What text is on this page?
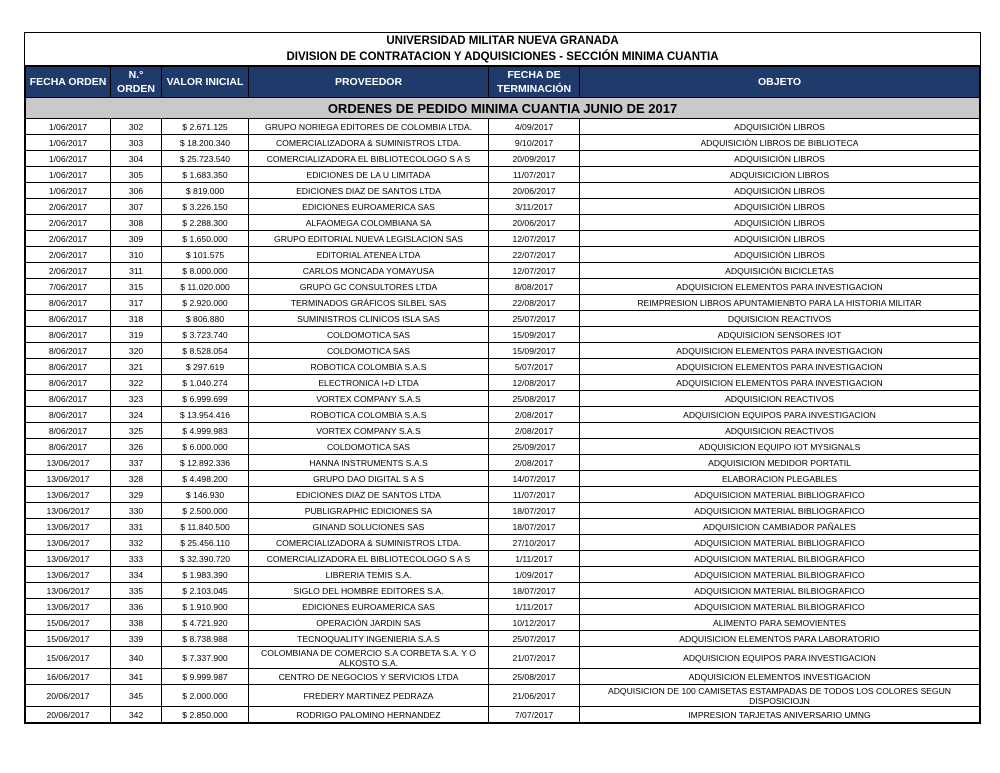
UNIVERSIDAD MILITAR NUEVA GRANADA
DIVISION DE CONTRATACION Y ADQUISICIONES - SECCIÓN MINIMA CUANTIA
FECHA ORDEN	N.° ORDEN	VALOR INICIAL	PROVEEDOR	FECHA DE TERMINACIÓN	OBJETO
ORDENES DE PEDIDO MINIMA CUANTIA JUNIO DE 2017					
1/06/2017	302	$ 2.671.125	GRUPO NORIEGA EDITORES DE COLOMBIA LTDA.	4/09/2017	ADQUISICIÓN LIBROS
1/06/2017	303	$ 18.200.340	COMERCIALIZADORA & SUMINISTROS LTDA.	9/10/2017	ADQUISICIÓN LIBROS DE BIBLIOTECA
1/06/2017	304	$ 25.723.540	COMERCIALIZADORA EL BIBLIOTECOLOGO S A S	20/09/2017	ADQUISICIÓN LIBROS
1/06/2017	305	$ 1.683.350	EDICIONES DE LA U LIMITADA	11/07/2017	ADQUISICICION LIBROS
1/06/2017	306	$ 819.000	EDICIONES DIAZ DE SANTOS LTDA	20/06/2017	ADQUISICIÓN LIBROS
2/06/2017	307	$ 3.226.150	EDICIONES EUROAMERICA SAS	3/11/2017	ADQUISICIÓN LIBROS
2/06/2017	308	$ 2.288.300	ALFAOMEGA COLOMBIANA SA	20/06/2017	ADQUISICIÓN LIBROS
2/06/2017	309	$ 1.650.000	GRUPO EDITORIAL NUEVA LEGISLACION SAS	12/07/2017	ADQUISICIÓN LIBROS
2/06/2017	310	$ 101.575	EDITORIAL ATENEA LTDA	22/07/2017	ADQUISICIÓN LIBROS
2/06/2017	311	$ 8.000.000	CARLOS MONCADA YOMAYUSA	12/07/2017	ADQUISICIÓN BICICLETAS
7/06/2017	315	$ 11.020.000	GRUPO GC CONSULTORES LTDA	8/08/2017	ADQUISICION ELEMENTOS PARA INVESTIGACION
8/06/2017	317	$ 2.920.000	TERMINADOS GRÁFICOS SILBEL SAS	22/08/2017	REIMPRESION LIBROS APUNTAMIENBTO PARA LA HISTORIA MILITAR
8/06/2017	318	$ 806.880	SUMINISTROS CLINICOS ISLA SAS	25/07/2017	DQUISICION REACTIVOS
8/06/2017	319	$ 3.723.740	COLDOMOTICA SAS	15/09/2017	ADQUISICION SENSORES IOT
8/06/2017	320	$ 8.528.054	COLDOMOTICA SAS	15/09/2017	ADQUISICION ELEMENTOS PARA INVESTIGACION
8/06/2017	321	$ 297.619	ROBOTICA COLOMBIA S.A.S	5/07/2017	ADQUISICION ELEMENTOS PARA INVESTIGACION
8/06/2017	322	$ 1.040.274	ELECTRONICA I+D LTDA	12/08/2017	ADQUISICION ELEMENTOS PARA INVESTIGACION
8/06/2017	323	$ 6.999.699	VORTEX COMPANY S.A.S	25/08/2017	ADQUISICION REACTIVOS
8/06/2017	324	$ 13.954.416	ROBOTICA COLOMBIA S.A.S	2/08/2017	ADQUISICION EQUIPOS PARA INVESTIGACION
8/06/2017	325	$ 4.999.983	VORTEX COMPANY S.A.S	2/08/2017	ADQUISICION REACTIVOS
8/06/2017	326	$ 6.000.000	COLDOMOTICA SAS	25/09/2017	ADQUISICION EQUIPO IOT MYSIGNALS
13/06/2017	337	$ 12.892.336	HANNA INSTRUMENTS S.A.S	2/08/2017	ADQUISICION MEDIDOR PORTATIL
13/06/2017	328	$ 4.498.200	GRUPO DAO DIGITAL S A S	14/07/2017	ELABORACION PLEGABLES
13/06/2017	329	$ 146.930	EDICIONES DIAZ DE SANTOS LTDA	11/07/2017	ADQUISICION MATERIAL BIBLIOGRAFICO
13/06/2017	330	$ 2.500.000	PUBLIGRAPHIC EDICIONES SA	18/07/2017	ADQUISICION MATERIAL BIBLIOGRAFICO
13/06/2017	331	$ 11.840.500	GINAND SOLUCIONES SAS	18/07/2017	ADQUISICION CAMBIADOR PAÑALES
13/06/2017	332	$ 25.456.110	COMERCIALIZADORA & SUMINISTROS LTDA.	27/10/2017	ADQUISICION MATERIAL BIBLIOGRAFICO
13/06/2017	333	$ 32.390.720	COMERCIALIZADORA EL BIBLIOTECOLOGO S A S	1/11/2017	ADQUISICION MATERIAL BILBIOGRAFICO
13/06/2017	334	$ 1.983.390	LIBRERIA TEMIS S.A.	1/09/2017	ADQUISICION MATERIAL BILBIOGRAFICO
13/06/2017	335	$ 2.103.045	SIGLO DEL HOMBRE EDITORES S.A.	18/07/2017	ADQUISICION MATERIAL BILBIOGRAFICO
13/06/2017	336	$ 1.910.900	EDICIONES EUROAMERICA SAS	1/11/2017	ADQUISICION MATERIAL BILBIOGRAFICO
15/06/2017	338	$ 4.721.920	OPERACIÓN JARDIN SAS	10/12/2017	ALIMENTO PARA SEMOVIENTES
15/06/2017	339	$ 8.738.988	TECNOQUALITY INGENIERIA S.A.S	25/07/2017	ADQUISICION ELEMENTOS PARA LABORATORIO
15/06/2017	340	$ 7.337.900	COLOMBIANA DE COMERCIO S.A CORBETA S.A. Y O ALKOSTO S.A.	21/07/2017	ADQUISICION EQUIPOS PARA INVESTIGACION
16/06/2017	341	$ 9.999.987	CENTRO DE NEGOCIOS Y SERVICIOS LTDA	25/08/2017	ADQUISICION ELEMENTOS INVESTIGACION
20/06/2017	345	$ 2.000.000	FREDERY MARTINEZ PEDRAZA	21/06/2017	ADQUISICION DE 100 CAMISETAS ESTAMPADAS DE TODOS LOS COLORES SEGUN DISPOSICIOJN
20/06/2017	342	$ 2.850.000	RODRIGO PALOMINO HERNANDEZ	7/07/2017	IMPRESION TARJETAS ANIVERSARIO UMNG
